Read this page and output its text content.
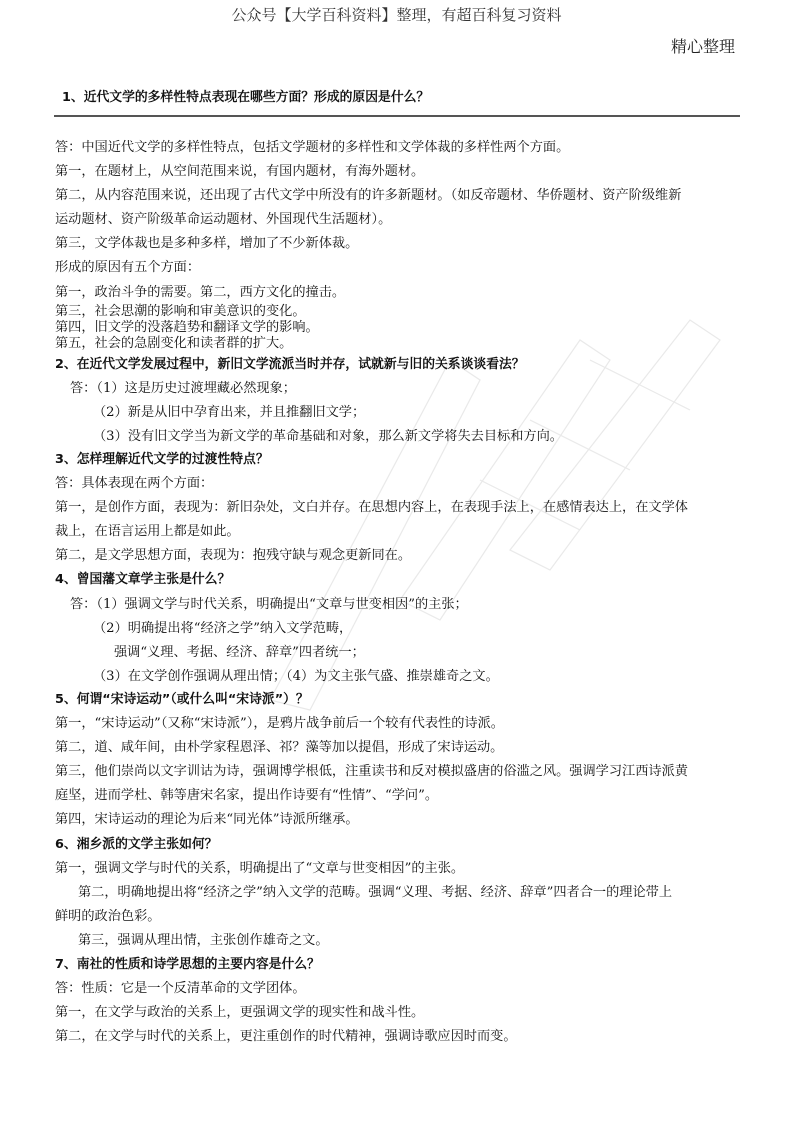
公众号【大学百科资料】整理，有超百科复习资料
精心整理
1、近代文学的多样性特点表现在哪些方面？形成的原因是什么？
答：中国近代文学的多样性特点，包括文学题材的多样性和文学体裁的多样性两个方面。
第一，在题材上，从空间范围来说，有国内题材，有海外题材。
第二，从内容范围来说，还出现了古代文学中所没有的许多新题材。（如反帝题材、华侨题材、资产阶级维新
运动题材、资产阶级革命运动题材、外国现代生活题材）。
第三，文学体裁也是多种多样，增加了不少新体裁。
形成的原因有五个方面：
第一，政治斗争的需要。第二，西方文化的撞击。
第三，社会思潮的影响和审美意识的变化。
第四，旧文学的没落趋势和翻译文学的影响。
第五，社会的急剧变化和读者群的扩大。
2、在近代文学发展过程中，新旧文学流派当时并存，试就新与旧的关系谈谈看法？
答：（1）这是历史过渡埋藏必然现象；
（2）新是从旧中孕育出来，并且推翻旧文学；
（3）没有旧文学当为新文学的革命基础和对象，那么新文学将失去目标和方向。
3、怎样理解近代文学的过渡性特点？
答：具体表现在两个方面：
第一，是创作方面，表现为：新旧杂处，文白并存。在思想内容上，在表现手法上，在感情表达上，在文学体
裁上，在语言运用上都是如此。
第二，是文学思想方面，表现为：抱残守缺与观念更新同在。
4、曾国藩文章学主张是什么？
答：（1）强调文学与时代关系，明确提出“文章与世变相因”的主张；
（2）明确提出将“经济之学”纳入文学范畴，
强调“义理、考据、经济、辞章”四者统一；
（3）在文学创作强调从理出情；（4）为文主张气盛、推崇雄奇之文。
5、何谓“宋诗运动”（或什么叫“宋诗派”）？
第一，“宋诗运动”（又称“宋诗派”），是鸦片战争前后一个较有代表性的诗派。
第二，道、咸年间，由朴学家程恩泽、祁？藻等加以提倡，形成了宋诗运动。
第三，他们崇尚以文字训诂为诗，强调博学根低，注重读书和反对模拟盛唐的俗滥之风。强调学习江西诗派黄
庭坚，进而学杜、韩等唐宋名家，提出作诗要有“性情”、“学问”。
第四，宋诗运动的理论为后来“同光体”诗派所继承。
6、湘乡派的文学主张如何？
第一，强调文学与时代的关系，明确提出了“文章与世变相因”的主张。
第二，明确地提出将“经济之学”纳入文学的范畴。强调“义理、考据、经济、辞章”四者合一的理论带上
鲜明的政治色彩。
第三，强调从理出情，主张创作雄奇之文。
7、南社的性质和诗学思想的主要内容是什么？
答：性质：它是一个反清革命的文学团体。
第一，在文学与政治的关系上，更强调文学的现实性和战斗性。
第二，在文学与时代的关系上，更注重创作的时代精神，强调诗歌应因时而变。
